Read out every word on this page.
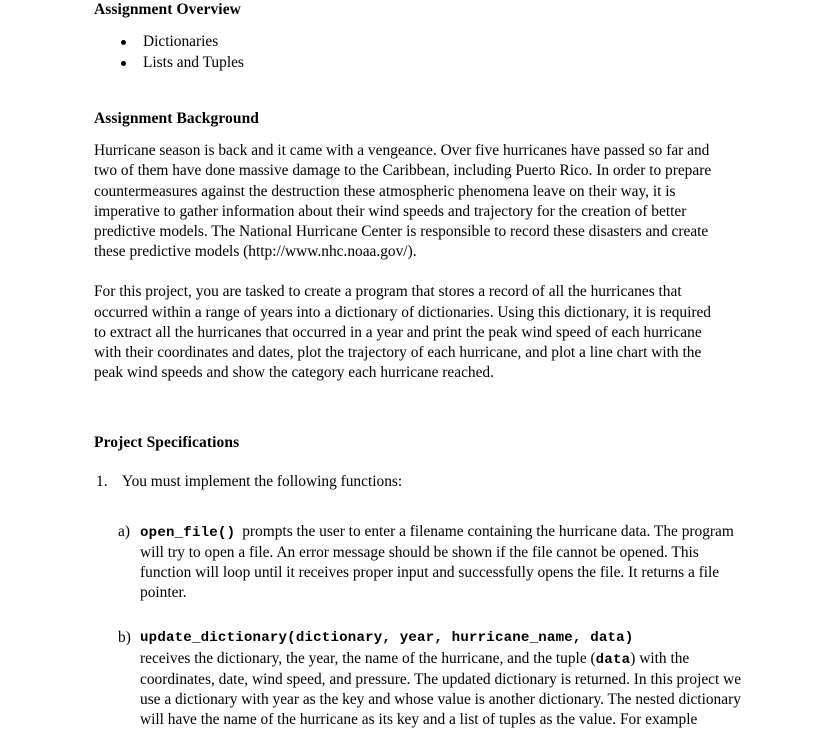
Assignment Overview
Dictionaries
Lists and Tuples
Assignment Background

Hurricane season is back and it came with a vengeance. Over five hurricanes have passed so far and two of them have done massive damage to the Caribbean, including Puerto Rico. In order to prepare countermeasures against the destruction these atmospheric phenomena leave on their way, it is imperative to gather information about their wind speeds and trajectory for the creation of better predictive models. The National Hurricane Center is responsible to record these disasters and create these predictive models (http://www.nhc.noaa.gov/).

For this project, you are tasked to create a program that stores a record of all the hurricanes that occurred within a range of years into a dictionary of dictionaries. Using this dictionary, it is required to extract all the hurricanes that occurred in a year and print the peak wind speed of each hurricane with their coordinates and dates, plot the trajectory of each hurricane, and plot a line chart with the peak wind speeds and show the category each hurricane reached.

Project Specifications
1. You must implement the following functions:
a) open_file() prompts the user to enter a filename containing the hurricane data. The program will try to open a file. An error message should be shown if the file cannot be opened. This function will loop until it receives proper input and successfully opens the file. It returns a file pointer.
b) update_dictionary(dictionary, year, hurricane_name, data)
receives the dictionary, the year, the name of the hurricane, and the tuple (data) with the coordinates, date, wind speed, and pressure. The updated dictionary is returned. In this project we use a dictionary with year as the key and whose value is another dictionary. The nested dictionary will have the name of the hurricane as its key and a list of tuples as the value. For example
